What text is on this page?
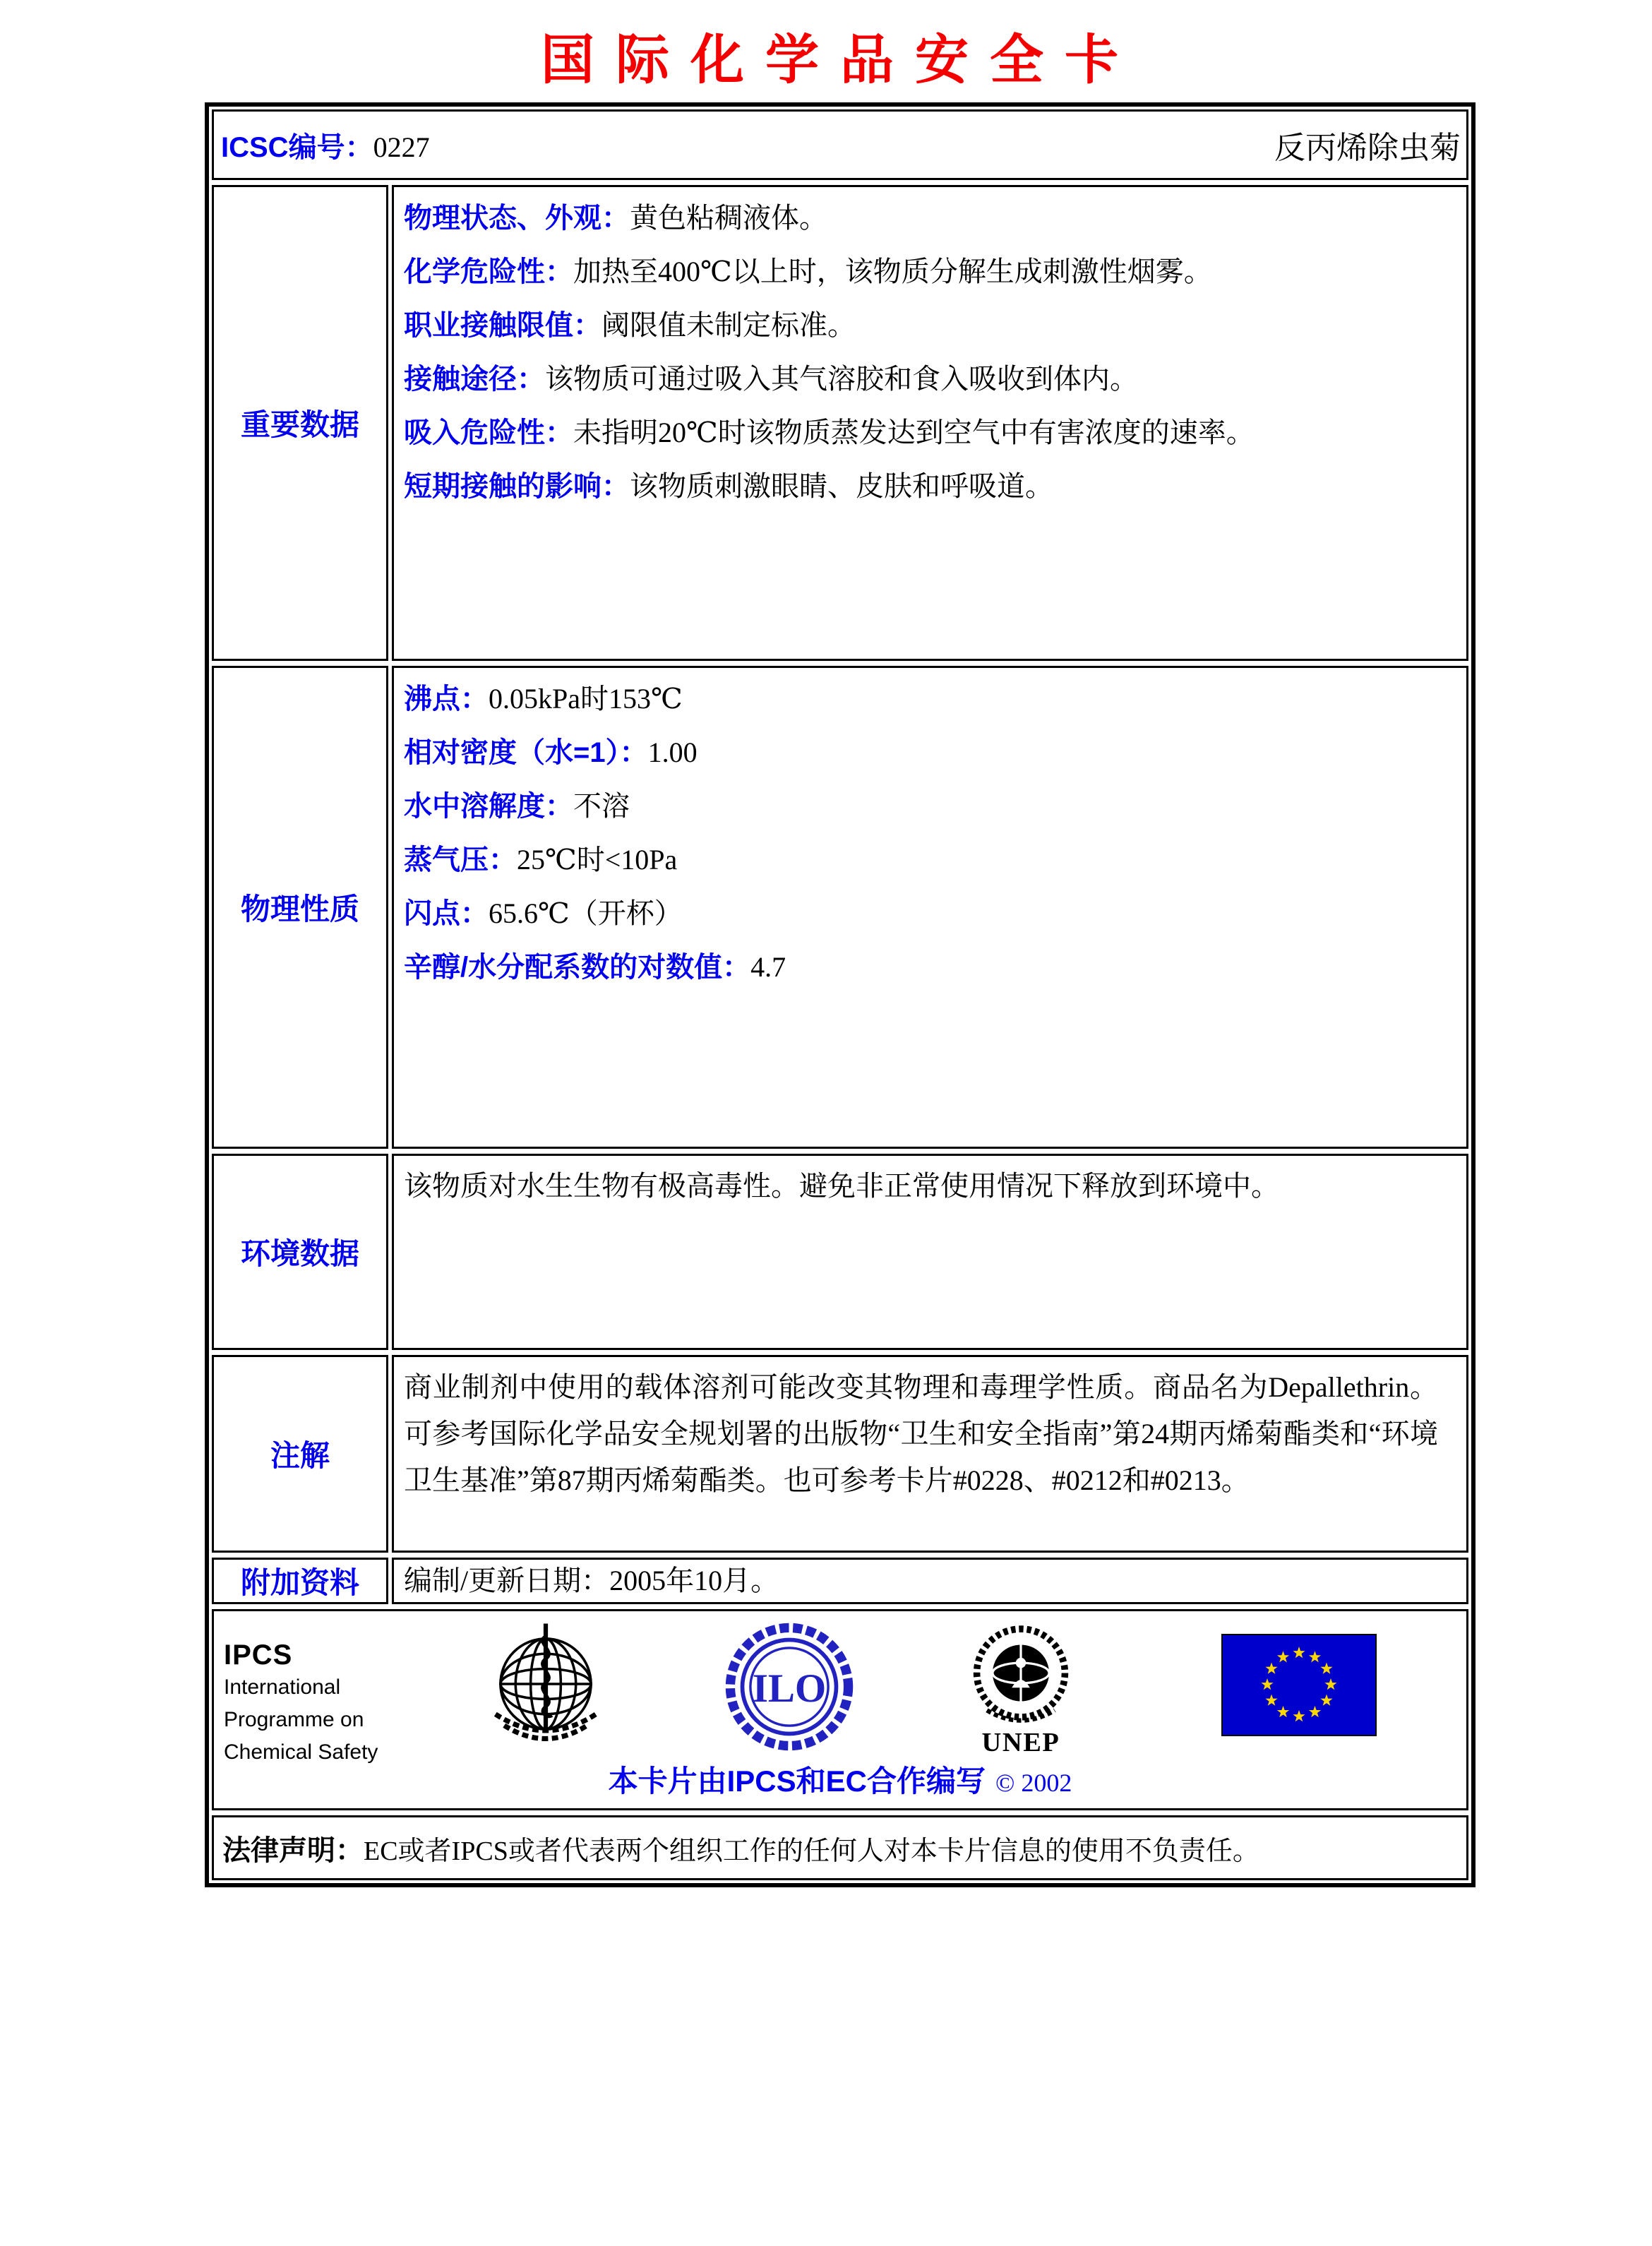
国际化学品安全卡
ICSC编号：0227	反丙烯除虫菊
重要数据
物理状态、外观：黄色粘稠液体。
化学危险性：加热至400℃以上时，该物质分解生成刺激性烟雾。
职业接触限值：阈限值未制定标准。
接触途径：该物质可通过吸入其气溶胶和食入吸收到体内。
吸入危险性：未指明20℃时该物质蒸发达到空气中有害浓度的速率。
短期接触的影响：该物质刺激眼睛、皮肤和呼吸道。
物理性质
沸点：0.05kPa时153℃
相对密度（水=1）：1.00
水中溶解度：不溶
蒸气压：25℃时<10Pa
闪点：65.6℃（开杯）
辛醇/水分配系数的对数值：4.7
环境数据

该物质对水生生物有极高毒性。避免非正常使用情况下释放到环境中。

注解

商业制剂中使用的载体溶剂可能改变其物理和毒理学性质。商品名为Depallethrin。可参考国际化学品安全规划署的出版物“卫生和安全指南”第24期丙烯菊酯类和“环境卫生基准”第87期丙烯菊酯类。也可参考卡片#0228、#0212和#0213。

附加资料 编制/更新日期：2005年10月。
IPCS
International
Programme on
Chemical Safety
ILO
UNEP
本卡片由IPCS和EC合作编写 © 2002
法律声明： EC或者IPCS或者代表两个组织工作的任何人对本卡片信息的使用不负责任。
